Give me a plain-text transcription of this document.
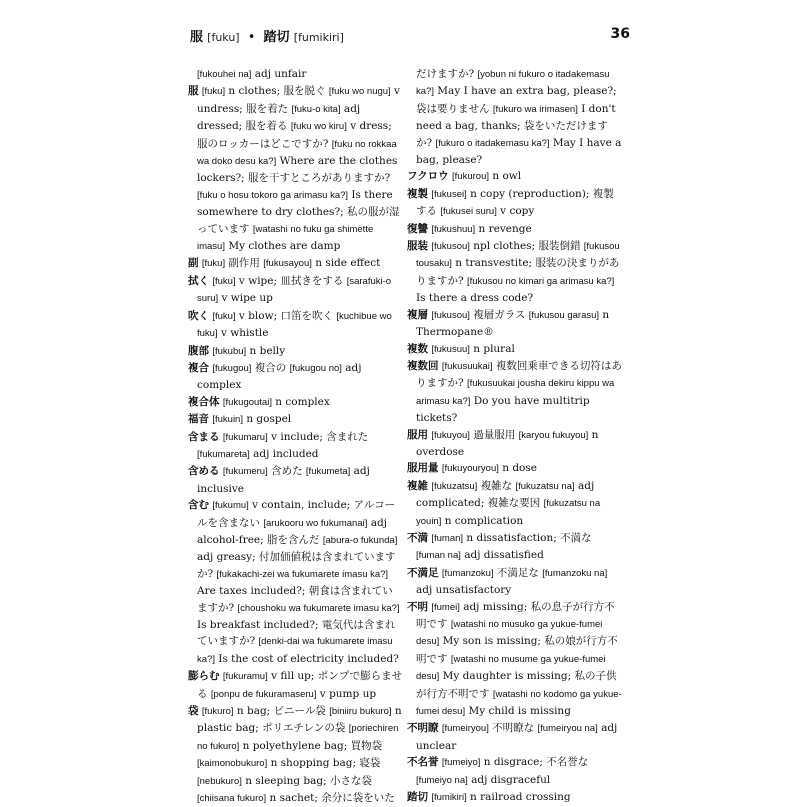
服 [fuku] • 踏切 [fumikiri]	36

[fukouhei na] adj unfair

服 [fuku] n clothes; 服を脱ぐ [fuku wo nugu] v undress; 服を着た [fuku-o kita] adj dressed; 服を着る [fuku wo kiru] v dress; 服のロッカーはどこですか? [fuku no rokkaa wa doko desu ka?] Where are the clothes lockers?; 服を干すところがありますか? [fuku o hosu tokoro ga arimasu ka?] Is there somewhere to dry clothes?; 私の服が湿っています [watashi no fuku ga shimette imasu] My clothes are damp

副 [fuku] 副作用 [fukusayou] n side effect

拭く [fuku] v wipe; 皿拭きをする [sarafuki-o suru] v wipe up

吹く [fuku] v blow; 口笛を吹く [kuchibue wo fuku] v whistle

腹部 [fukubu] n belly

複合 [fukugou] 複合の [fukugou no] adj complex

複合体 [fukugoutai] n complex

福音 [fukuin] n gospel

含まる [fukumaru] v include; 含まれた [fukumareta] adj included

含める [fukumeru] 含めた [fukumeta] adj inclusive

含む [fukumu] v contain, include; アルコールを含まない [arukooru wo fukumanai] adj alcohol-free; 脂を含んだ [abura-o fukunda] adj greasy; 付加価値税は含まれていますか? [fukakachi-zei wa fukumarete imasu ka?] Are taxes included?; 朝食は含まれていますか? [choushoku wa fukumarete imasu ka?] Is breakfast included?; 電気代は含まれていますか? [denki-dai wa fukumarete imasu ka?] Is the cost of electricity included?

膨らむ [fukuramu] v fill up; ポンプで膨らませる [ponpu de fukuramaseru] v pump up

袋 [fukuro] n bag; ビニール袋 [biniiru bukuro] n plastic bag; ポリエチレンの袋 [poriechiren no fukuro] n polyethylene bag; 買物袋 [kaimonobukuro] n shopping bag; 寝袋 [nebukuro] n sleeping bag; 小さな袋 [chiisana fukuro] n sachet; 余分に袋をいた

だけますか? [yobun ni fukuro o itadakemasu ka?] May I have an extra bag, please?; 袋は要りません [fukuro wa irimasen] I don't need a bag, thanks; 袋をいただけますか? [fukuro o itadakemasu ka?] May I have a bag, please?

フクロウ [fukurou] n owl

複製 [fukusei] n copy (reproduction); 複製する [fukusei suru] v copy

復讐 [fukushuu] n revenge

服装 [fukusou] npl clothes; 服装倒錯 [fukusou tousaku] n transvestite; 服装の決まりがありますか? [fukusou no kimari ga arimasu ka?] Is there a dress code?

複層 [fukusou] 複層ガラス [fukusou garasu] n Thermopane®

複数 [fukusuu] n plural

複数回 [fukusuukai] 複数回乗車できる切符はありますか? [fukusuukai jousha dekiru kippu wa arimasu ka?] Do you have multitrip tickets?

服用 [fukuyou] 過量服用 [karyou fukuyou] n overdose

服用量 [fukuyouryou] n dose

複雑 [fukuzatsu] 複雑な [fukuzatsu na] adj complicated; 複雑な要因 [fukuzatsu na youin] n complication

不満 [fuman] n dissatisfaction; 不満な [fuman na] adj dissatisfied

不満足 [fumanzoku] 不満足な [fumanzoku na] adj unsatisfactory

不明 [fumei] adj missing; 私の息子が行方不明です [watashi no musuko ga yukue-fumei desu] My son is missing; 私の娘が行方不明です [watashi no musume ga yukue-fumei desu] My daughter is missing; 私の子供が行方不明です [watashi no kodomo ga yukue-fumei desu] My child is missing

不明瞭 [fumeiryou] 不明瞭な [fumeiryou na] adj unclear

不名誉 [fumeiyo] n disgrace; 不名誉な [fumeiyo na] adj disgraceful

踏切 [fumikiri] n railroad crossing
